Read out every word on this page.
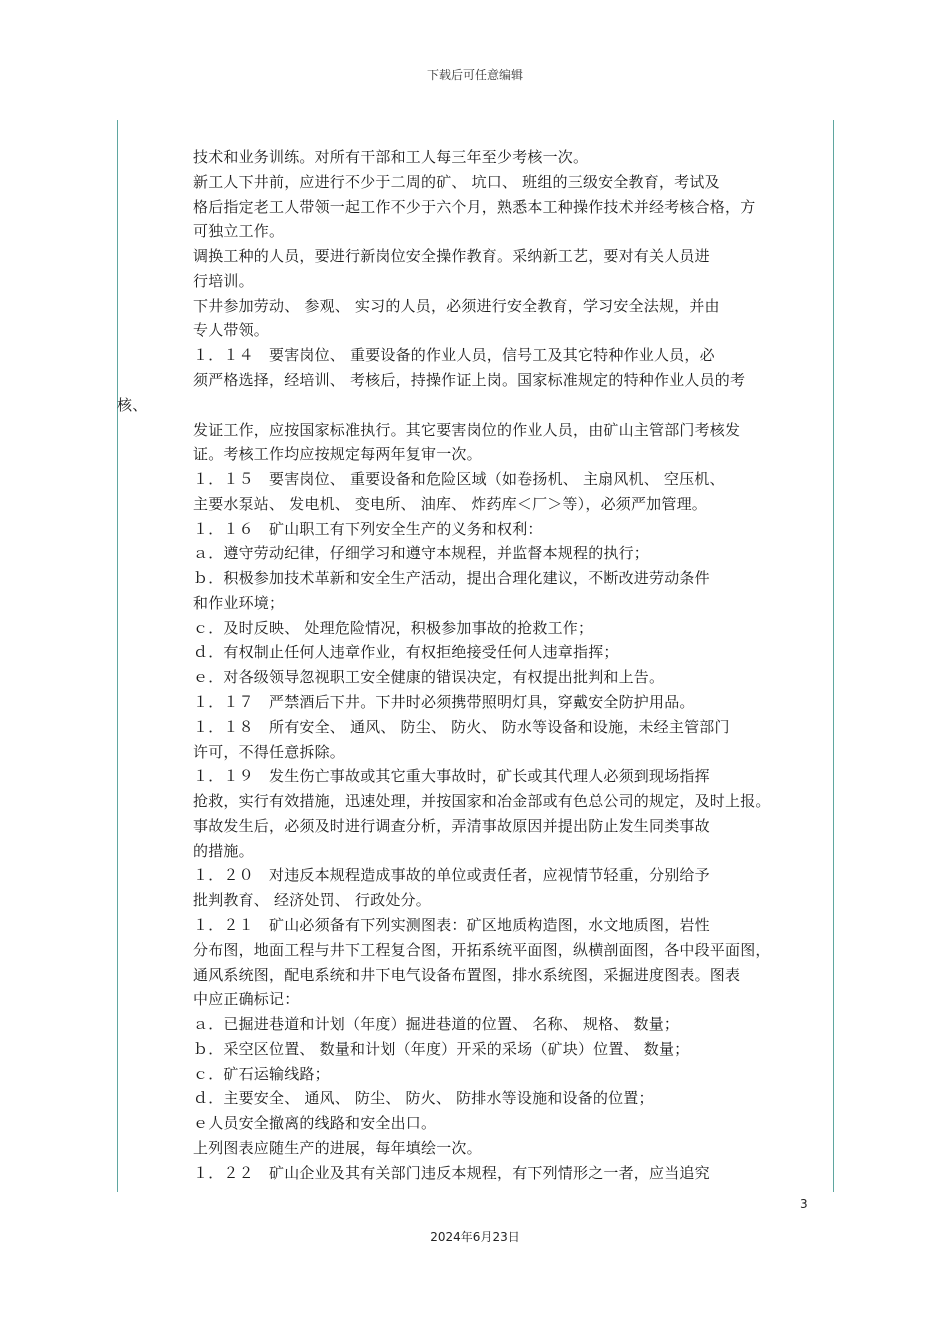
下载后可任意编辑
技术和业务训练。对所有干部和工人每三年至少考核一次。
新工人下井前，应进行不少于二周的矿、 坑口、 班组的三级安全教育，考试及
格后指定老工人带领一起工作不少于六个月，熟悉本工种操作技术并经考核合格，方
可独立工作。
调换工种的人员，要进行新岗位安全操作教育。采纳新工艺，要对有关人员进
行培训。
下井参加劳动、 参观、 实习的人员，必须进行安全教育，学习安全法规，并由
专人带领。
１．１４　要害岗位、 重要设备的作业人员，信号工及其它特种作业人员，必
须严格选择，经培训、 考核后，持操作证上岗。国家标准规定的特种作业人员的考
核、
发证工作，应按国家标准执行。其它要害岗位的作业人员，由矿山主管部门考核发
证。考核工作均应按规定每两年复审一次。
１．１５　要害岗位、 重要设备和危险区域（如卷扬机、 主扇风机、 空压机、
主要水泵站、 发电机、 变电所、 油库、 炸药库＜厂＞等），必须严加管理。
１．１６　矿山职工有下列安全生产的义务和权利：
ａ．遵守劳动纪律，仔细学习和遵守本规程，并监督本规程的执行；
ｂ．积极参加技术革新和安全生产活动，提出合理化建议，不断改进劳动条件
和作业环境；
ｃ．及时反映、 处理危险情况，积极参加事故的抢救工作；
ｄ．有权制止任何人违章作业，有权拒绝接受任何人违章指挥；
ｅ．对各级领导忽视职工安全健康的错误决定，有权提出批判和上告。
１．１７　严禁酒后下井。下井时必须携带照明灯具，穿戴安全防护用品。
１．１８　所有安全、 通风、 防尘、 防火、 防水等设备和设施，未经主管部门
许可，不得任意拆除。
１．１９　发生伤亡事故或其它重大事故时，矿长或其代理人必须到现场指挥
抢救，实行有效措施，迅速处理，并按国家和冶金部或有色总公司的规定，及时上报。
事故发生后，必须及时进行调查分析，弄清事故原因并提出防止发生同类事故
的措施。
１．２０　对违反本规程造成事故的单位或责任者，应视情节轻重，分别给予
批判教育、 经济处罚、 行政处分。
１．２１　矿山必须备有下列实测图表：矿区地质构造图，水文地质图，岩性
分布图，地面工程与井下工程复合图，开拓系统平面图，纵横剖面图，各中段平面图，
通风系统图，配电系统和井下电气设备布置图，排水系统图，采掘进度图表。图表
中应正确标记：
ａ．已掘进巷道和计划（年度）掘进巷道的位置、 名称、 规格、 数量；
ｂ．采空区位置、 数量和计划（年度）开采的采场（矿块）位置、 数量；
ｃ．矿石运输线路；
ｄ．主要安全、 通风、 防尘、 防火、 防排水等设施和设备的位置；
ｅ人员安全撤离的线路和安全出口。
上列图表应随生产的进展，每年填绘一次。
１．２２　矿山企业及其有关部门违反本规程，有下列情形之一者，应当追究
3
2024年6月23日
